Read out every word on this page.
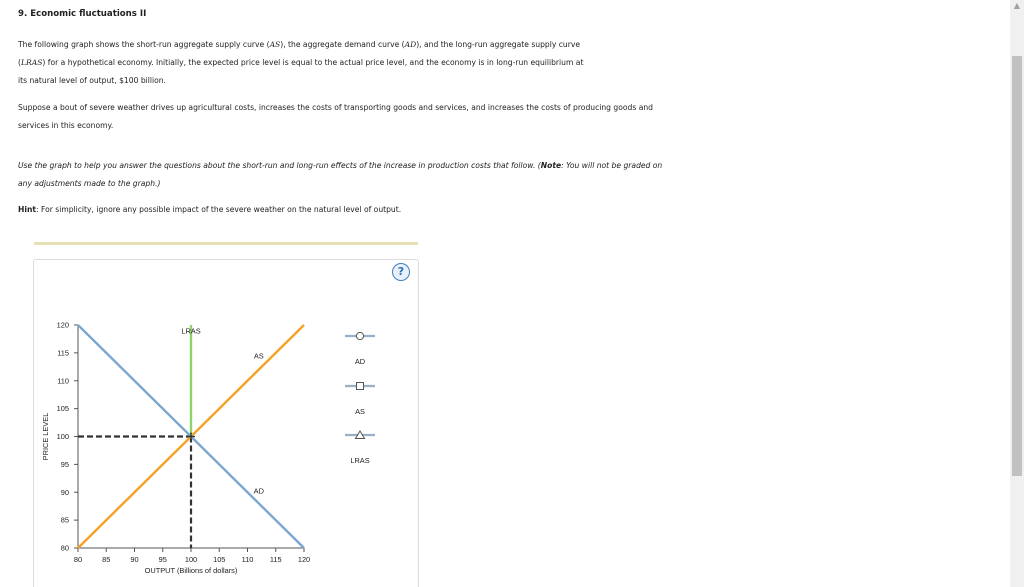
9. Economic fluctuations II

The following graph shows the short-run aggregate supply curve (AS), the aggregate demand curve (AD), and the long-run aggregate supply curve
(LRAS) for a hypothetical economy. Initially, the expected price level is equal to the actual price level, and the economy is in long-run equilibrium at
its natural level of output, $100 billion.

Suppose a bout of severe weather drives up agricultural costs, increases the costs of transporting goods and services, and increases the costs of producing goods and services in this economy.

Use the graph to help you answer the questions about the short-run and long-run effects of the increase in production costs that follow. (Note: You will not be graded on any adjustments made to the graph.)

Hint: For simplicity, ignore any possible impact of the severe weather on the natural level of output.

?
80
85
90
95
100
105
110
115
120
80	85	90	95 100 105 110 115 120
OUTPUT (Billions of dollars)
PRICE LEVEL
LRAS
AS
AD
AD
AS
LRAS
▲
